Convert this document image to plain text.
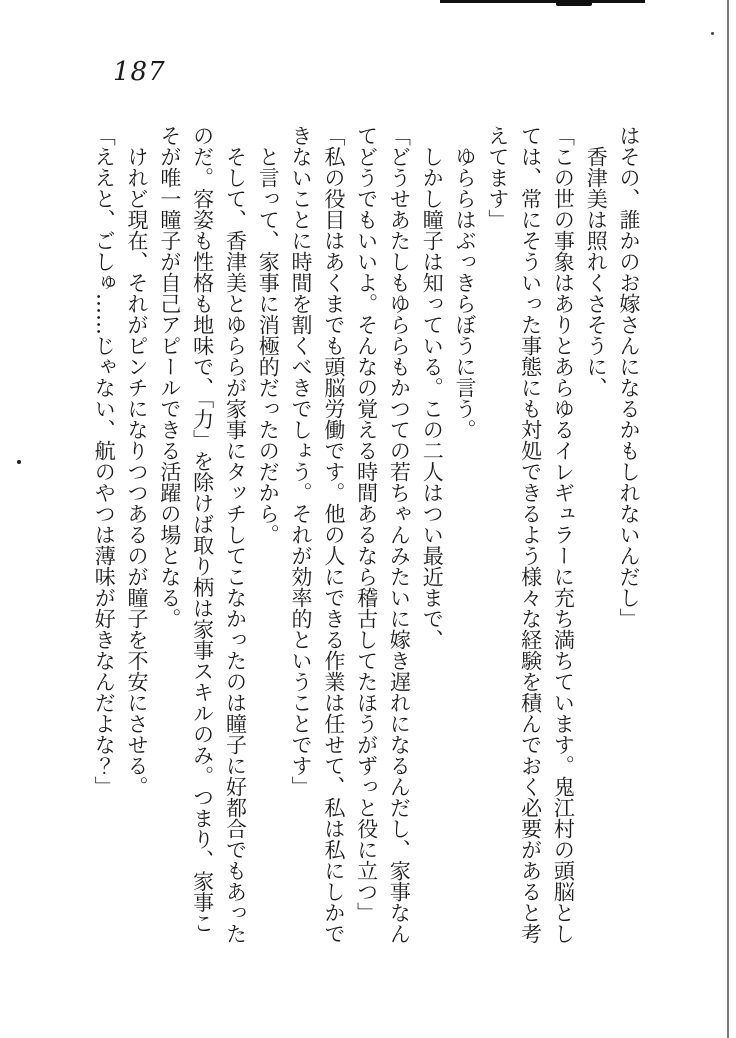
187
はその、誰かのお嫁さんになるかもしれないんだし」
香津美は照れくさそうに、
「この世の事象はありとあらゆるイレギュラーに充ち満ちています。鬼江村の頭脳としては、常にそういった事態にも対処できるよう様々な経験を積んでおく必要があると考えてます」
ゆららはぶっきらぼうに言う。
しかし瞳子は知っている。この二人はつい最近まで、
「どうせあたしもゆららもかつての若ちゃんみたいに嫁き遅れになるんだし、家事なんてどうでもいいよ。そんなの覚える時間あるなら稽古してたほうがずっと役に立つ」
「私の役目はあくまでも頭脳労働です。他の人にできる作業は任せて、私は私にしかできないことに時間を割くべきでしょう。それが効率的ということです」
と言って、家事に消極的だったのだから。
そして、香津美とゆららが家事にタッチしてこなかったのは瞳子に好都合でもあったのだ。容姿も性格も地味で、「力」を除けば取り柄は家事スキルのみ。つまり、家事こそが唯一瞳子が自己アピールできる活躍の場となる。
けれど現在、それがピンチになりつつあるのが瞳子を不安にさせる。
「ええと、ごしゅ……じゃない、航のやつは薄味が好きなんだよな？」
